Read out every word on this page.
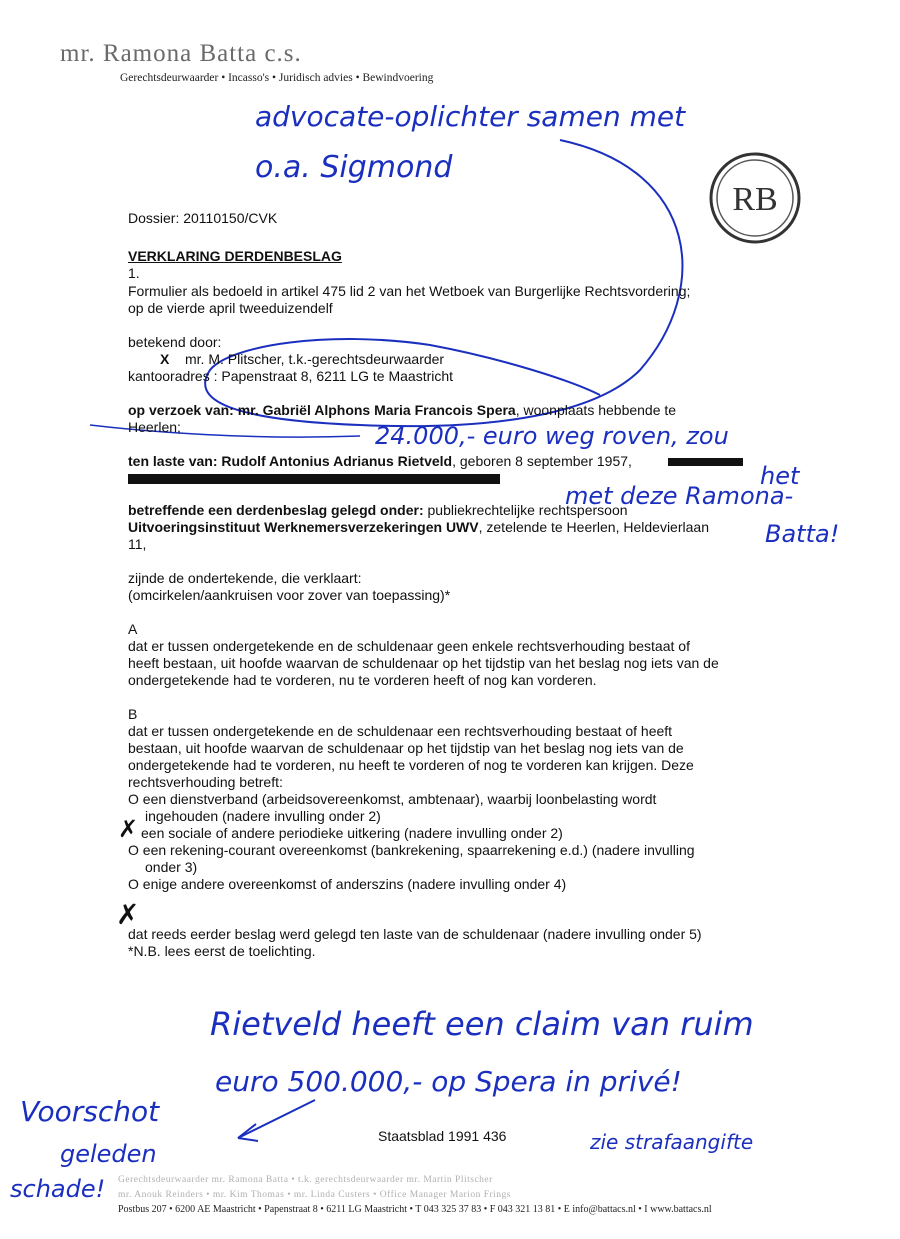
mr. Ramona Batta c.s.
Gerechtsdeurwaarder • Incasso's • Juridisch advies • Bewindvoering
RB
advocate-oplichter samen met
o.a. Sigmond
Dossier: 20110150/CVK
VERKLARING DERDENBESLAG
1.
Formulier als bedoeld in artikel 475 lid 2 van het Wetboek van Burgerlijke Rechtsvordering;
op de vierde april tweeduizendelf
betekend door:
X mr. M. Plitscher, t.k.-gerechtsdeurwaarder
kantooradres : Papenstraat 8, 6211 LG te Maastricht
op verzoek van: mr. Gabriël Alphons Maria Francois Spera, woonplaats hebbende te
Heerlen;	24.000,- euro weg roven, zou
ten laste van: Rudolf Antonius Adrianus Rietveld, geboren 8 september 1957,
het
met deze Ramona-
Batta!
betreffende een derdenbeslag gelegd onder: publiekrechtelijke rechtspersoon
Uitvoeringsinstituut Werknemersverzekeringen UWV, zetelende te Heerlen, Heldevierlaan
11,
zijnde de ondertekende, die verklaart:
(omcirkelen/aankruisen voor zover van toepassing)*
A
dat er tussen ondergetekende en de schuldenaar geen enkele rechtsverhouding bestaat of
heeft bestaan, uit hoofde waarvan de schuldenaar op het tijdstip van het beslag nog iets van de
ondergetekende had te vorderen, nu te vorderen heeft of nog kan vorderen.
B
dat er tussen ondergetekende en de schuldenaar een rechtsverhouding bestaat of heeft
bestaan, uit hoofde waarvan de schuldenaar op het tijdstip van het beslag nog iets van de
ondergetekende had te vorderen, nu heeft te vorderen of nog te vorderen kan krijgen. Deze
rechtsverhouding betreft:
O een dienstverband (arbeidsovereenkomst, ambtenaar), waarbij loonbelasting wordt
ingehouden (nadere invulling onder 2)
✗ een sociale of andere periodieke uitkering (nadere invulling onder 2)
O een rekening-courant overeenkomst (bankrekening, spaarrekening e.d.) (nadere invulling
onder 3)
O enige andere overeenkomst of anderszins (nadere invulling onder 4)
✗
dat reeds eerder beslag werd gelegd ten laste van de schuldenaar (nadere invulling onder 5)
*N.B. lees eerst de toelichting.
Rietveld heeft een claim van ruim
euro 500.000,- op Spera in privé!
zie strafaangifte
Voorschot
geleden
schade!
Staatsblad 1991 436
Gerechtsdeurwaarder mr. Ramona Batta • t.k. gerechtsdeurwaarder mr. Martin Plitscher
mr. Anouk Reinders • mr. Kim Thomas • mr. Linda Custers • Office Manager Marion Frings
Postbus 207 • 6200 AE Maastricht • Papenstraat 8 • 6211 LG Maastricht • T 043 325 37 83 • F 043 321 13 81 • E info@battacs.nl • I www.battacs.nl
